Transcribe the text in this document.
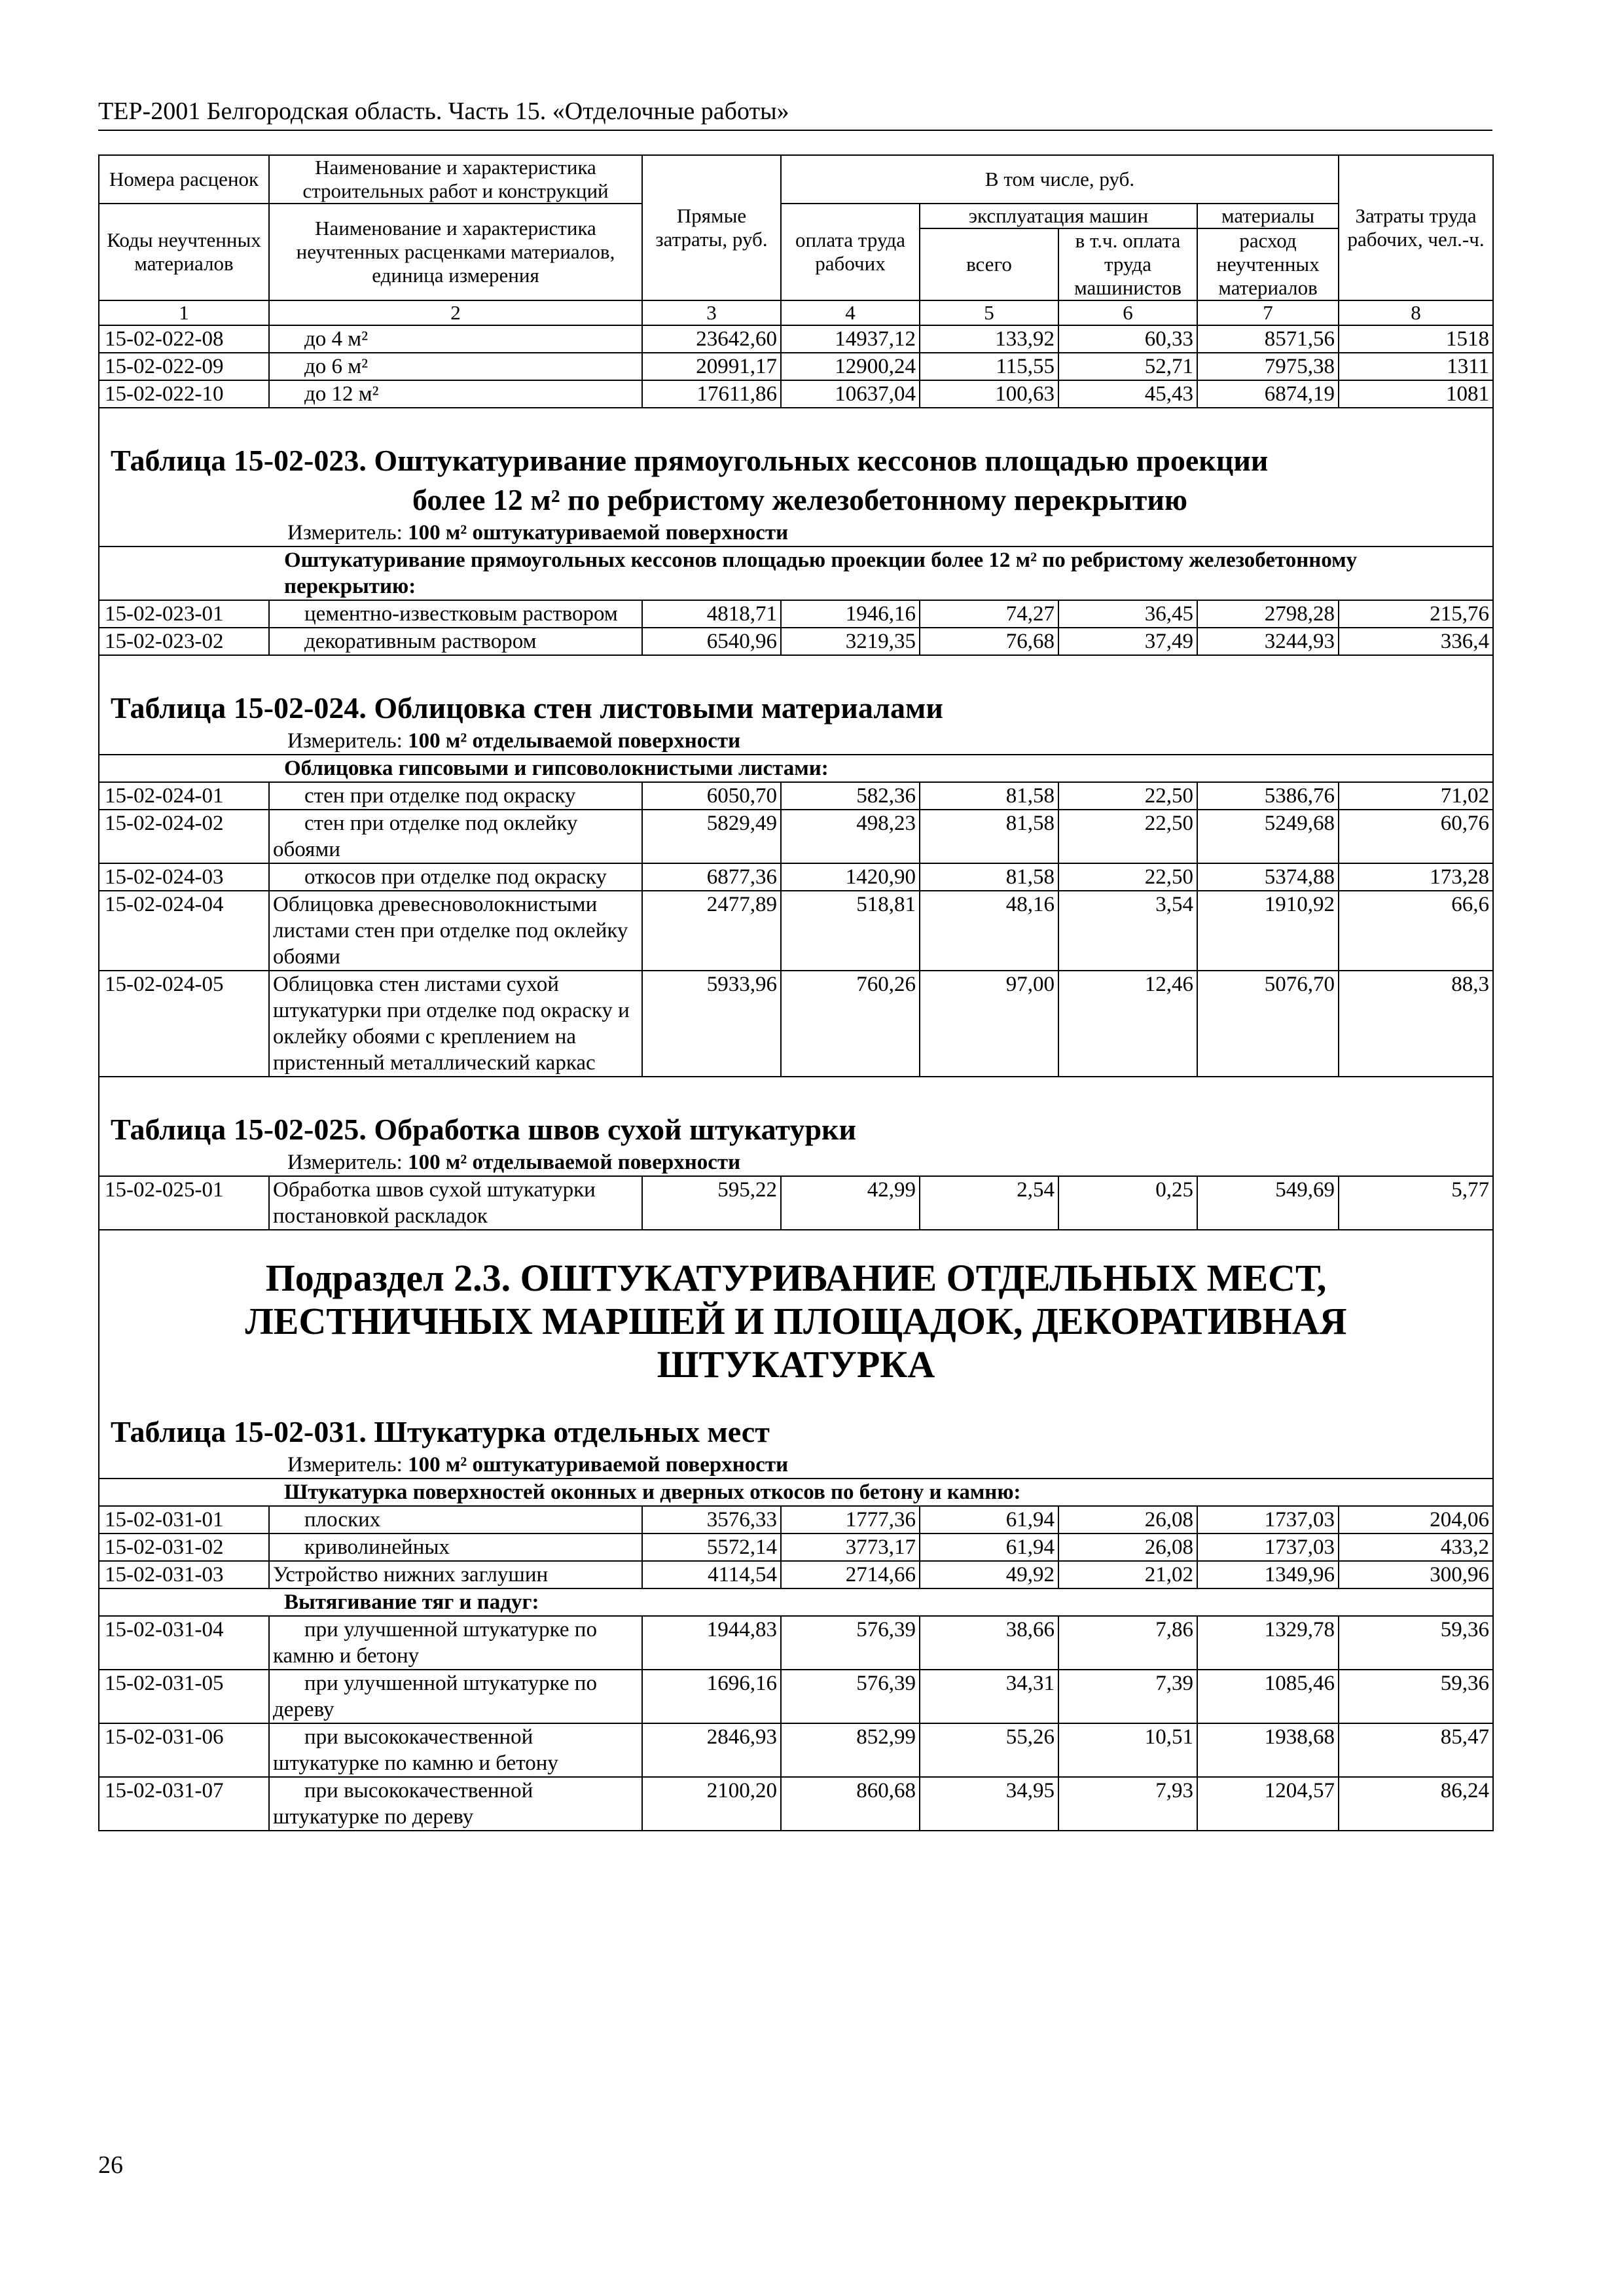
ТЕР-2001 Белгородская область. Часть 15. «Отделочные работы»
Номера расценок	Наименование и характеристика строительных работ и конструкций	Прямые затраты, руб.	В том числе, руб.				Затраты труда рабочих, чел.-ч.
Коды неучтенных материалов	Наименование и характеристика неучтенных расценками материалов, единица измерения		оплата труда рабочих	эксплуатация машин		материалы	
				всего	в т.ч. оплата труда машинистов	расход неучтенных материалов	
1	2	3	4	5	6	7	8
15-02-022-08	до 4 м²	23642,60	14937,12	133,92	60,33	8571,56	1518
15-02-022-09	до 6 м²	20991,17	12900,24	115,55	52,71	7975,38	1311
15-02-022-10	до 12 м²	17611,86	10637,04	100,63	45,43	6874,19	1081

Таблица 15-02-023. Оштукатуривание прямоугольных кессонов площадью проекции
более 12 м² по ребристому железобетонному перекрытию
Измеритель: 100 м² оштукатуриваемой поверхности							

Оштукатуривание прямоугольных кессонов площадью проекции более 12 м² по ребристому железобетонному перекрытию:							
15-02-023-01	цементно-известковым раствором	4818,71	1946,16	74,27	36,45	2798,28	215,76
15-02-023-02	декоративным раствором	6540,96	3219,35	76,68	37,49	3244,93	336,4

Таблица 15-02-024. Облицовка стен листовыми материалами
Измеритель: 100 м² отделываемой поверхности							

Облицовка гипсовыми и гипсоволокнистыми листами:							
15-02-024-01	стен при отделке под окраску	6050,70	582,36	81,58	22,50	5386,76	71,02
15-02-024-02	стен при отделке под оклейку обоями	5829,49	498,23	81,58	22,50	5249,68	60,76
15-02-024-03	откосов при отделке под окраску	6877,36	1420,90	81,58	22,50	5374,88	173,28
15-02-024-04	Облицовка древесноволокнистыми листами стен при отделке под оклейку обоями	2477,89	518,81	48,16	3,54	1910,92	66,6
15-02-024-05	Облицовка стен листами сухой штукатурки при отделке под окраску и оклейку обоями с креплением на пристенный металлический каркас	5933,96	760,26	97,00	12,46	5076,70	88,3

Таблица 15-02-025. Обработка швов сухой штукатурки
Измеритель: 100 м² отделываемой поверхности							

15-02-025-01	Обработка швов сухой штукатурки постановкой раскладок	595,22	42,99	2,54	0,25	549,69	5,77

Подраздел 2.3. ОШТУКАТУРИВАНИЕ ОТДЕЛЬНЫХ МЕСТ,
ЛЕСТНИЧНЫХ МАРШЕЙ И ПЛОЩАДОК, ДЕКОРАТИВНАЯ
ШТУКАТУРКА
Таблица 15-02-031. Штукатурка отдельных мест
Измеритель: 100 м² оштукатуриваемой поверхности							

Штукатурка поверхностей оконных и дверных откосов по бетону и камню:							
15-02-031-01	плоских	3576,33	1777,36	61,94	26,08	1737,03	204,06
15-02-031-02	криволинейных	5572,14	3773,17	61,94	26,08	1737,03	433,2
15-02-031-03	Устройство нижних заглушин	4114,54	2714,66	49,92	21,02	1349,96	300,96
Вытягивание тяг и падуг:							
15-02-031-04	при улучшенной штукатурке по камню и бетону	1944,83	576,39	38,66	7,86	1329,78	59,36
15-02-031-05	при улучшенной штукатурке по дереву	1696,16	576,39	34,31	7,39	1085,46	59,36
15-02-031-06	при высококачественной штукатурке по камню и бетону	2846,93	852,99	55,26	10,51	1938,68	85,47
15-02-031-07	при высококачественной штукатурке по дереву	2100,20	860,68	34,95	7,93	1204,57	86,24
26
